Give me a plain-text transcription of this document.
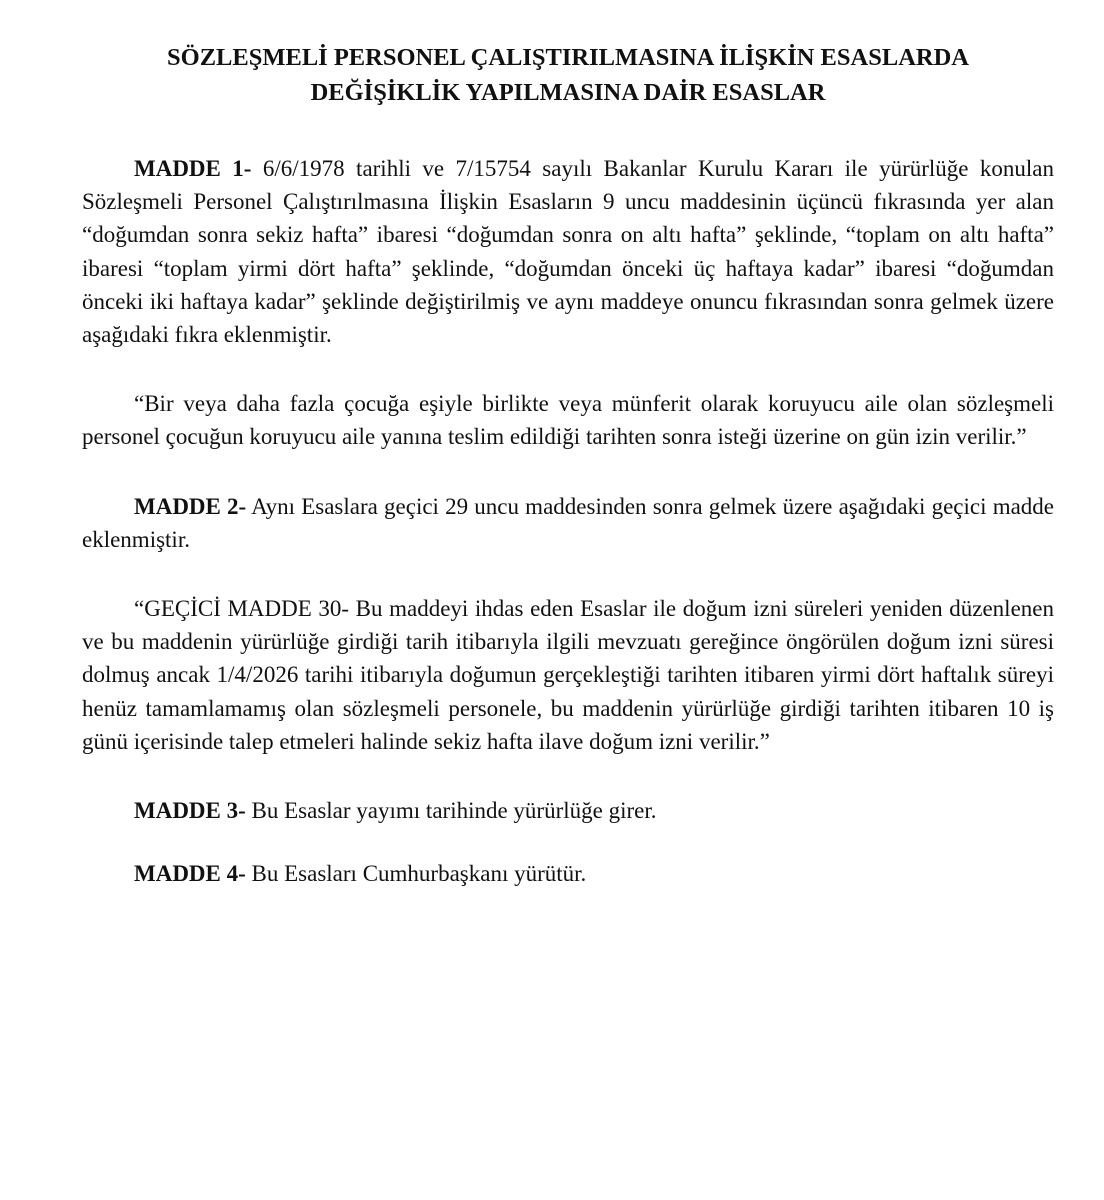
SÖZLEŞMELİ PERSONEL ÇALIŞTIRILMASINA İLİŞKİN ESASLARDA
DEĞİŞİKLİK YAPILMASINA DAİR ESASLAR

MADDE 1- 6/6/1978 tarihli ve 7/15754 sayılı Bakanlar Kurulu Kararı ile yürürlüğe konulan Sözleşmeli Personel Çalıştırılmasına İlişkin Esasların 9 uncu maddesinin üçüncü fıkrasında yer alan “doğumdan sonra sekiz hafta” ibaresi “doğumdan sonra on altı hafta” şeklinde, “toplam on altı hafta” ibaresi “toplam yirmi dört hafta” şeklinde, “doğumdan önceki üç haftaya kadar” ibaresi “doğumdan önceki iki haftaya kadar” şeklinde değiştirilmiş ve aynı maddeye onuncu fıkrasından sonra gelmek üzere aşağıdaki fıkra eklenmiştir.

“Bir veya daha fazla çocuğa eşiyle birlikte veya münferit olarak koruyucu aile olan sözleşmeli personel çocuğun koruyucu aile yanına teslim edildiği tarihten sonra isteği üzerine on gün izin verilir.”

MADDE 2- Aynı Esaslara geçici 29 uncu maddesinden sonra gelmek üzere aşağıdaki geçici madde eklenmiştir.

“GEÇİCİ MADDE 30- Bu maddeyi ihdas eden Esaslar ile doğum izni süreleri yeniden düzenlenen ve bu maddenin yürürlüğe girdiği tarih itibarıyla ilgili mevzuatı gereğince öngörülen doğum izni süresi dolmuş ancak 1/4/2026 tarihi itibarıyla doğumun gerçekleştiği tarihten itibaren yirmi dört haftalık süreyi henüz tamamlamamış olan sözleşmeli personele, bu maddenin yürürlüğe girdiği tarihten itibaren 10 iş günü içerisinde talep etmeleri halinde sekiz hafta ilave doğum izni verilir.”

MADDE 3- Bu Esaslar yayımı tarihinde yürürlüğe girer.

MADDE 4- Bu Esasları Cumhurbaşkanı yürütür.
